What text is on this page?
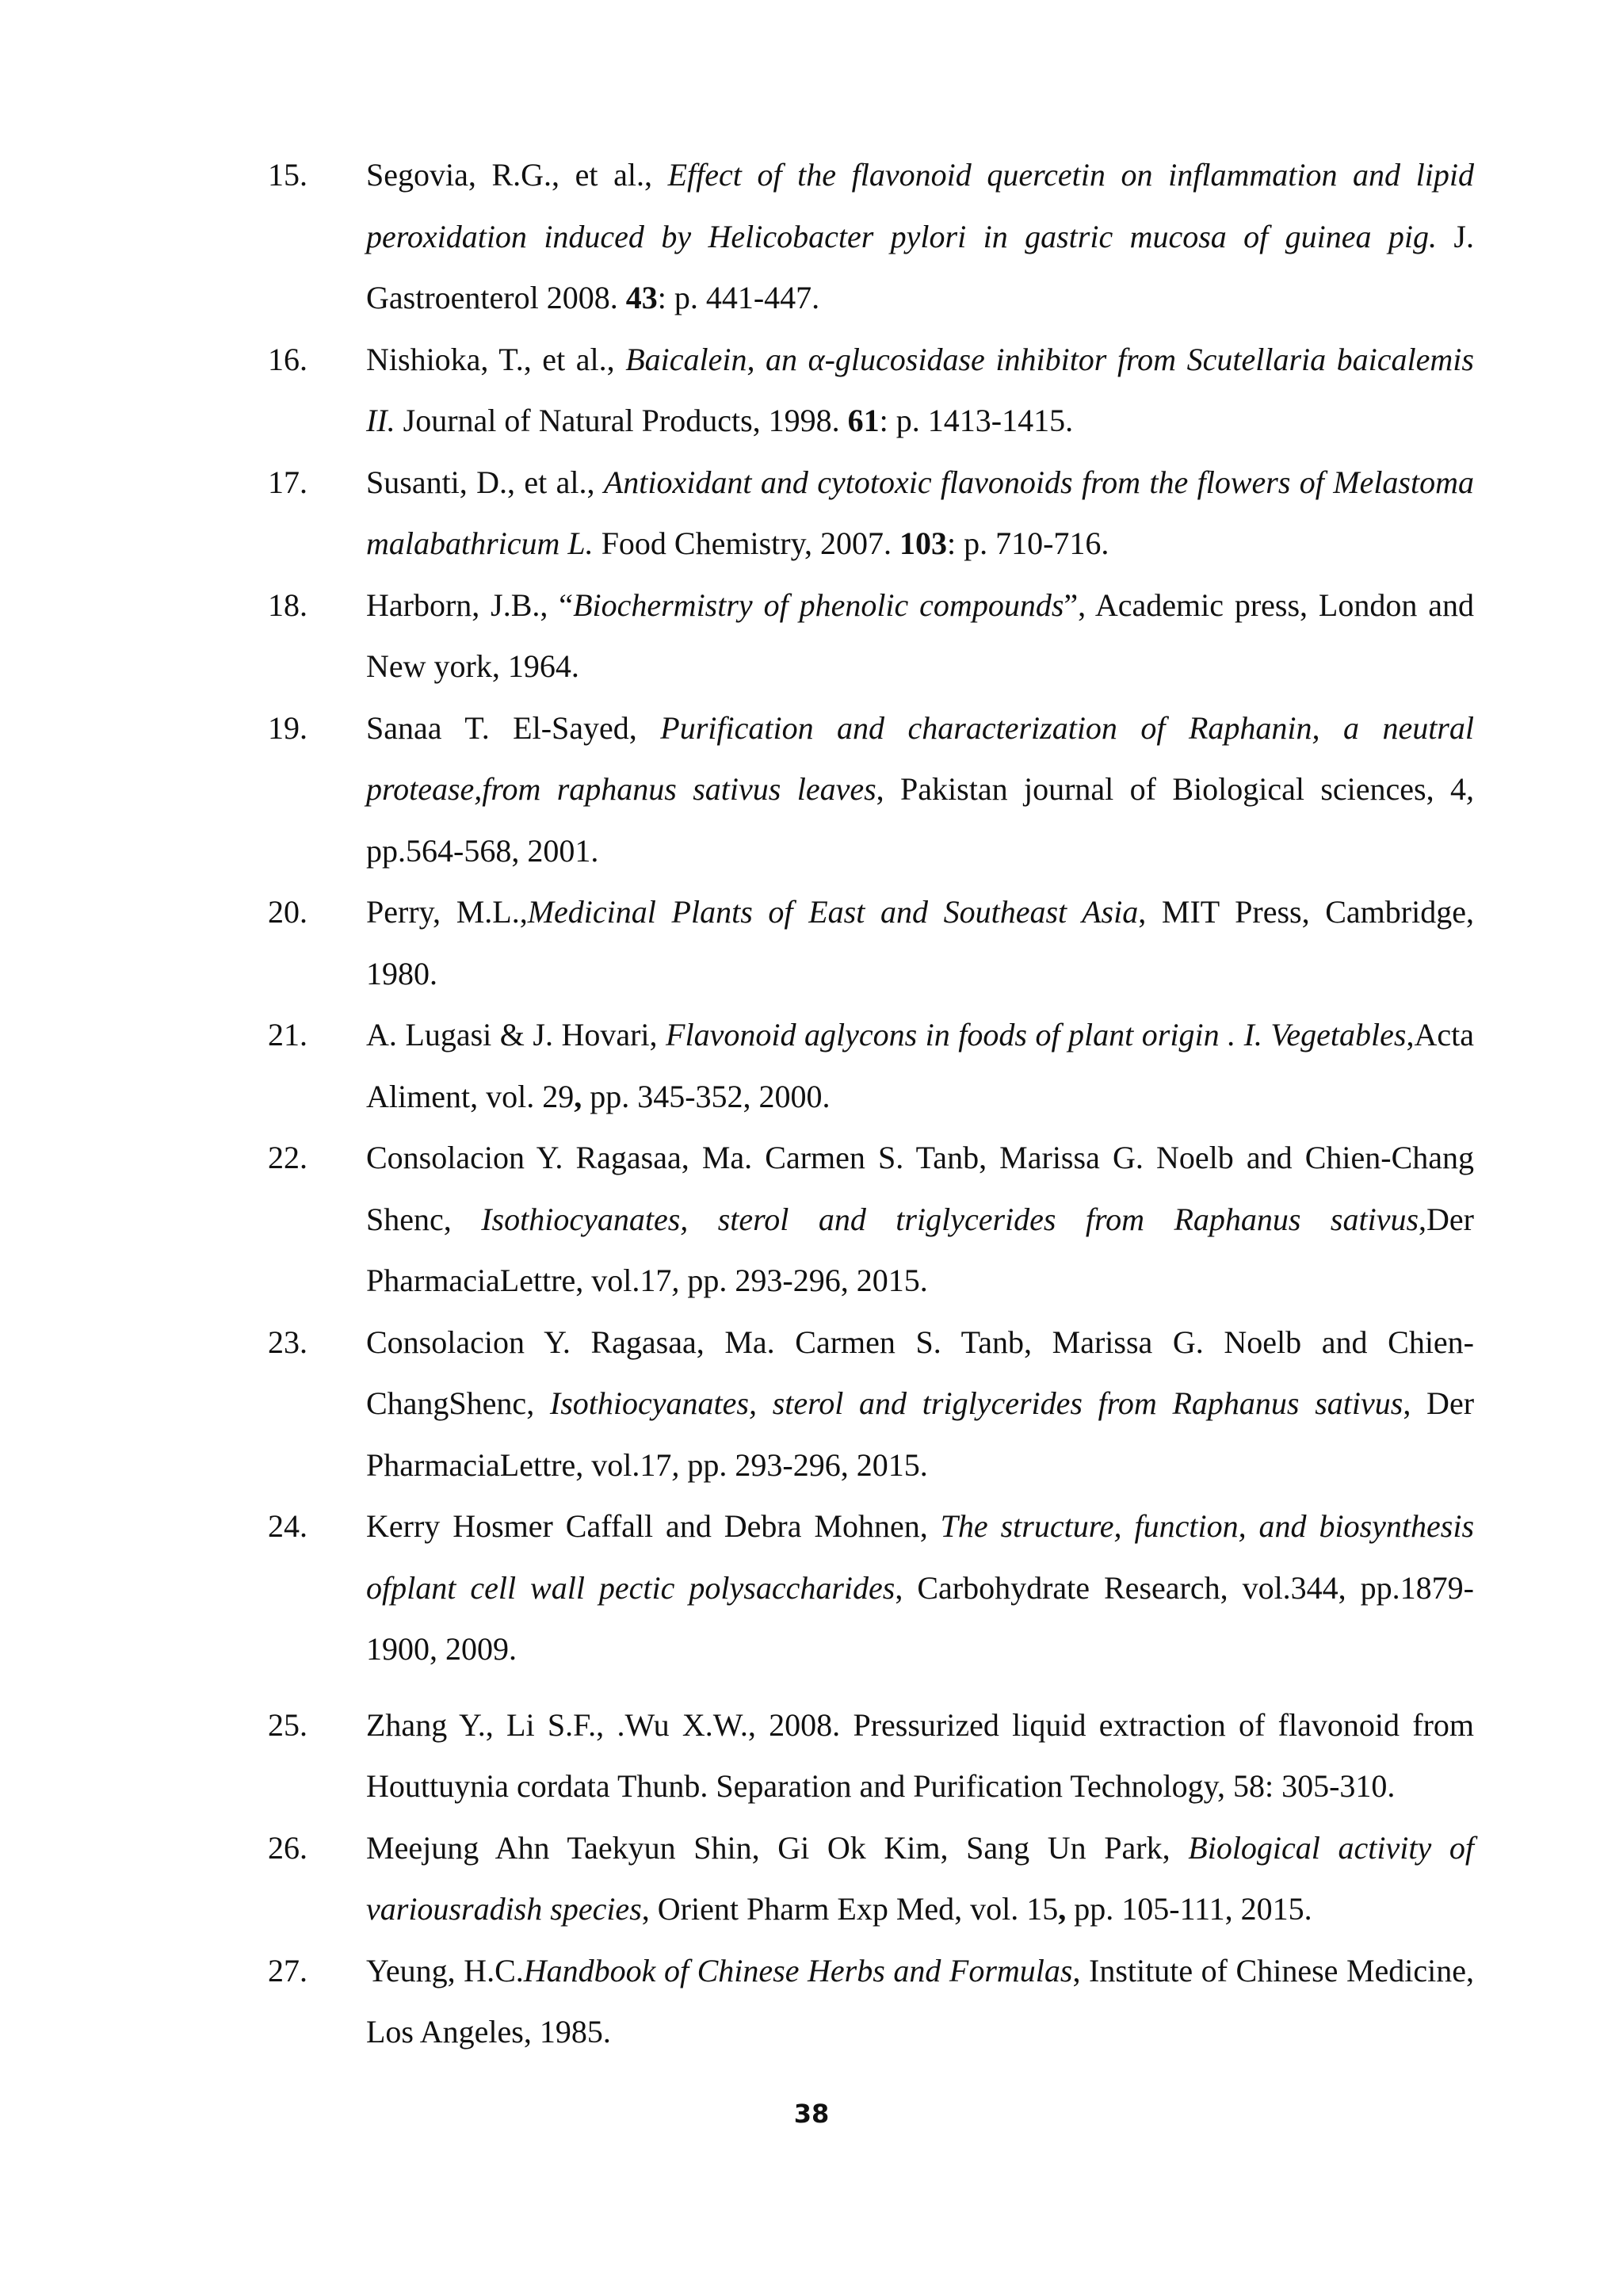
15.	Segovia, R.G., et al., Effect of the flavonoid quercetin on inflammation and lipid peroxidation induced by Helicobacter pylori in gastric mucosa of guinea pig. J. Gastroenterol 2008. 43: p. 441-447.
16.	Nishioka, T., et al., Baicalein, an α-glucosidase inhibitor from Scutellaria baicalemis II. Journal of Natural Products, 1998. 61: p. 1413-1415.
17.	Susanti, D., et al., Antioxidant and cytotoxic flavonoids from the flowers of Melastoma malabathricum L. Food Chemistry, 2007. 103: p. 710-716.
18.	Harborn, J.B., “Biochermistry of phenolic compounds”, Academic press, London and New york, 1964.
19.	Sanaa T. El-Sayed, Purification and characterization of Raphanin, a neutral protease,from raphanus sativus leaves, Pakistan journal of Biological sciences, 4, pp.564-568, 2001.
20.	Perry, M.L.,Medicinal Plants of East and Southeast Asia, MIT Press, Cambridge, 1980.
21.	A. Lugasi & J. Hovari, Flavonoid aglycons in foods of plant origin . I. Vegetables,Acta Aliment, vol. 29, pp. 345-352, 2000.
22.	Consolacion Y. Ragasaa, Ma. Carmen S. Tanb, Marissa G. Noelb and Chien-Chang Shenc, Isothiocyanates, sterol and triglycerides from Raphanus sativus,Der PharmaciaLettre, vol.17, pp. 293-296, 2015.
23.	Consolacion Y. Ragasaa, Ma. Carmen S. Tanb, Marissa G. Noelb and Chien-ChangShenc, Isothiocyanates, sterol and triglycerides from Raphanus sativus, Der PharmaciaLettre, vol.17, pp. 293-296, 2015.
24.	Kerry Hosmer Caffall and Debra Mohnen, The structure, function, and biosynthesis ofplant cell wall pectic polysaccharides, Carbohydrate Research, vol.344, pp.1879-1900, 2009.
25.	Zhang Y., Li S.F., .Wu X.W., 2008. Pressurized liquid extraction of flavonoid from Houttuynia cordata Thunb. Separation and Purification Technology, 58: 305-310.
26.	Meejung Ahn Taekyun Shin, Gi Ok Kim, Sang Un Park, Biological activity of variousradish species, Orient Pharm Exp Med, vol. 15, pp. 105-111, 2015.
27.	Yeung, H.C.Handbook of Chinese Herbs and Formulas, Institute of Chinese Medicine, Los Angeles, 1985.
38
